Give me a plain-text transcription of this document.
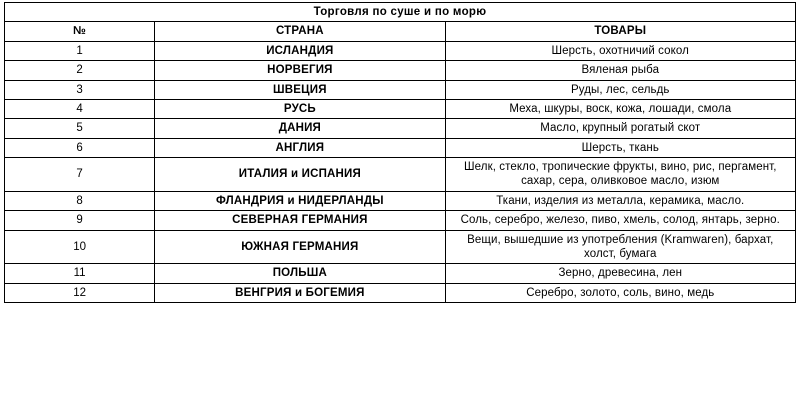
Торговля по суше и по морю		
№	СТРАНА	ТОВАРЫ
1	ИСЛАНДИЯ	Шерсть, охотничий сокол
2	НОРВЕГИЯ	Вяленая рыба
3	ШВЕЦИЯ	Руды, лес, сельдь
4	РУСЬ	Меха, шкуры, воск, кожа, лошади, смола
5	ДАНИЯ	Масло, крупный рогатый скот
6	АНГЛИЯ	Шерсть, ткань
7	ИТАЛИЯ и ИСПАНИЯ	Шелк, стекло, тропические фрукты, вино, рис, пергамент, сахар, сера, оливковое масло, изюм
8	ФЛАНДРИЯ и НИДЕРЛАНДЫ	Ткани, изделия из металла, керамика, масло.
9	СЕВЕРНАЯ ГЕРМАНИЯ	Соль, серебро, железо, пиво, хмель, солод, янтарь, зерно.
10	ЮЖНАЯ ГЕРМАНИЯ	Вещи, вышедшие из употребления (Kramwaren), бархат, холст, бумага
11	ПОЛЬША	Зерно, древесина, лен
12	ВЕНГРИЯ и БОГЕМИЯ	Серебро, золото, соль, вино, медь
